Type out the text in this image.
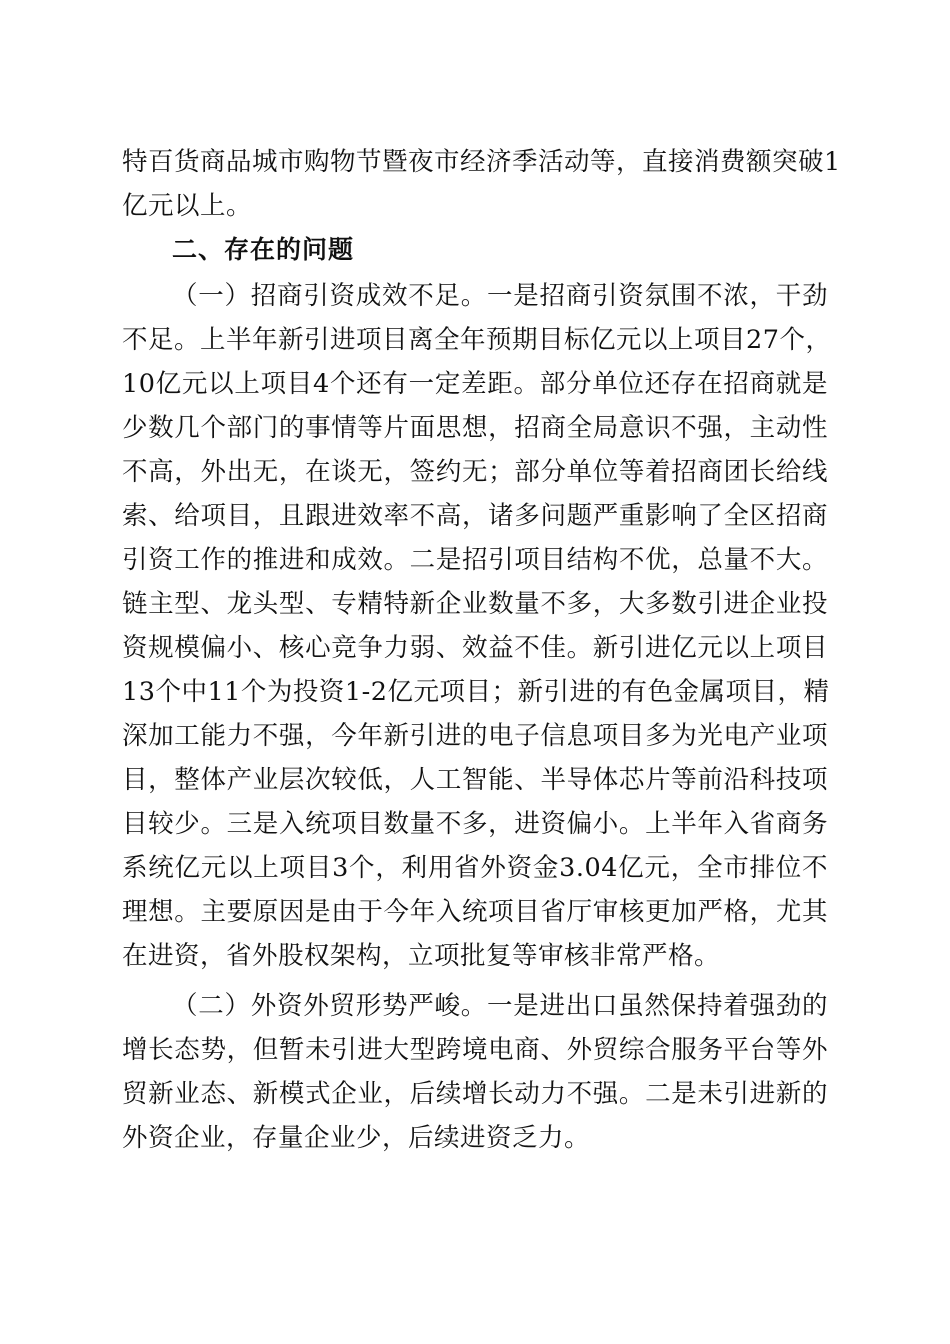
特百货商品城市购物节暨夜市经济季活动等，直接消费额突破1
亿元以上。
二、存在的问题
（一）招商引资成效不足。一是招商引资氛围不浓，干劲
不足。上半年新引进项目离全年预期目标亿元以上项目27个，
10亿元以上项目4个还有一定差距。部分单位还存在招商就是
少数几个部门的事情等片面思想，招商全局意识不强，主动性
不高，外出无，在谈无，签约无；部分单位等着招商团长给线
索、给项目，且跟进效率不高，诸多问题严重影响了全区招商
引资工作的推进和成效。二是招引项目结构不优，总量不大。
链主型、龙头型、专精特新企业数量不多，大多数引进企业投
资规模偏小、核心竞争力弱、效益不佳。新引进亿元以上项目
13个中11个为投资1-2亿元项目；新引进的有色金属项目，精
深加工能力不强，今年新引进的电子信息项目多为光电产业项
目，整体产业层次较低，人工智能、半导体芯片等前沿科技项
目较少。三是入统项目数量不多，进资偏小。上半年入省商务
系统亿元以上项目3个，利用省外资金3.04亿元，全市排位不
理想。主要原因是由于今年入统项目省厅审核更加严格，尤其
在进资，省外股权架构，立项批复等审核非常严格。
（二）外资外贸形势严峻。一是进出口虽然保持着强劲的
增长态势，但暂未引进大型跨境电商、外贸综合服务平台等外
贸新业态、新模式企业，后续增长动力不强。二是未引进新的
外资企业，存量企业少，后续进资乏力。
